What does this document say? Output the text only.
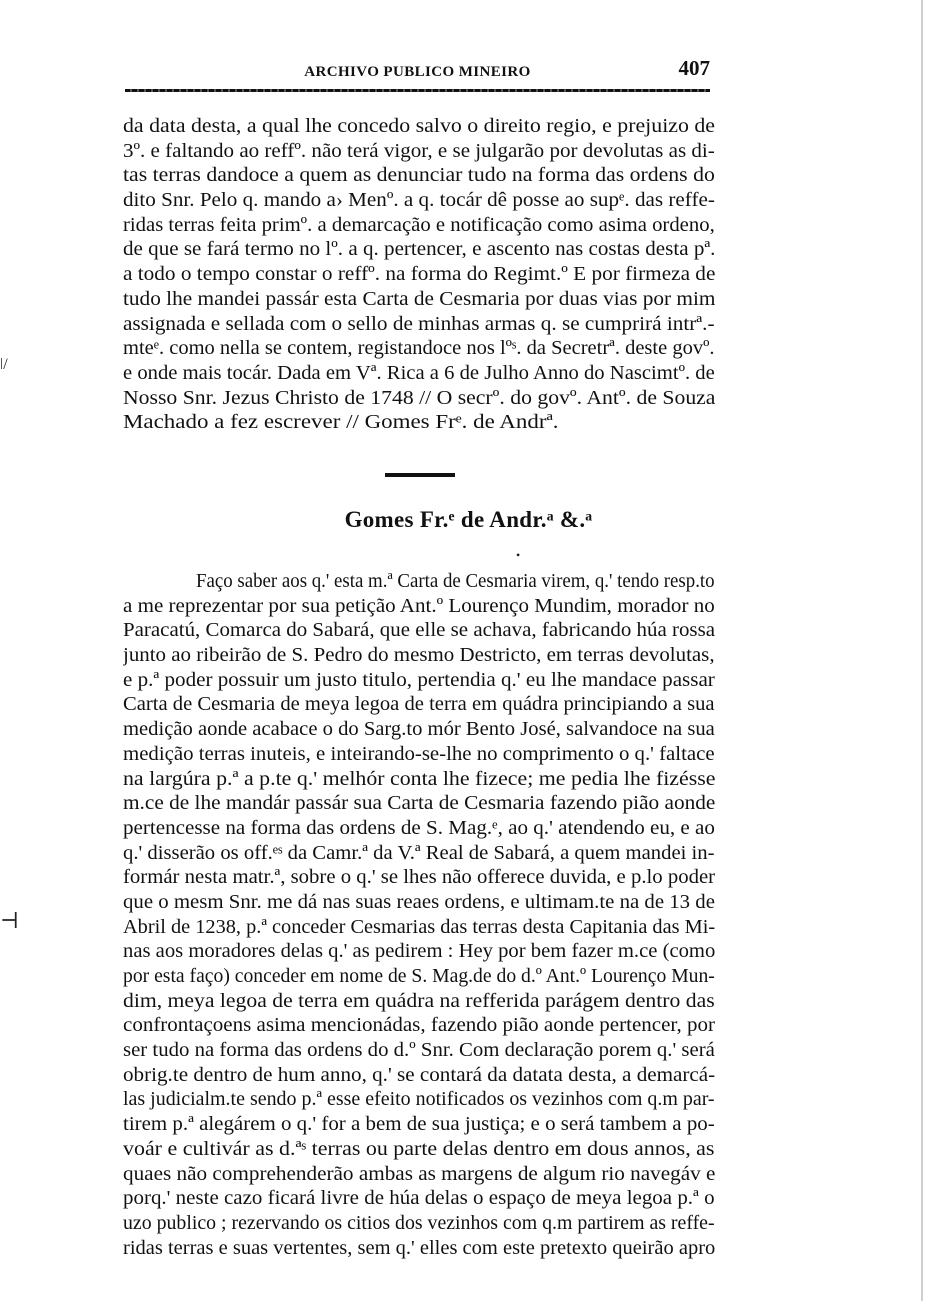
ARCHIVO PUBLICO MINEIRO	407

da data desta, a qual lhe concedo salvo o direito regio, e prejuizo de
3º. e faltando ao reffº. não terá vigor, e se julgarão por devolutas as di-
tas terras dandoce a quem as denunciar tudo na forma das ordens do
dito Snr. Pelo q. mando a› Menº. a q. tocár dê posse ao supᵉ. das reffe-
ridas terras feita primº. a demarcação e notificação como asima ordeno,
de que se fará termo no lº. a q. pertencer, e ascento nas costas desta pª.
a todo o tempo constar o reffº. na forma do Regimt.º E por firmeza de
tudo lhe mandei passár esta Carta de Cesmaria por duas vias por mim
assignada e sellada com o sello de minhas armas q. se cumprirá intrª.-
mteᵉ. como nella se contem, registandoce nos lºˢ. da Secretrª. deste govº.
e onde mais tocár. Dada em Vª. Rica a 6 de Julho Anno do Nascimtº. de
Nosso Snr. Jezus Christo de 1748 // O secrº. do govº. Antº. de Souza
Machado a fez escrever // Gomes Frᵉ. de Andrª.

Gomes Fr.ᵉ de Andr.ᵃ &.ᵃ
•
ǀ/
⊣

Faço saber aos q.' esta m.ª Carta de Cesmaria virem, q.' tendo resp.to
a me reprezentar por sua petição Ant.º Lourenço Mundim, morador no
Paracatú, Comarca do Sabará, que elle se achava, fabricando húa rossa
junto ao ribeirão de S. Pedro do mesmo Destricto, em terras devolutas,
e p.ª poder possuir um justo titulo, pertendia q.' eu lhe mandace passar
Carta de Cesmaria de meya legoa de terra em quádra principiando a sua
medição aonde acabace o do Sarg.to mór Bento José, salvandoce na sua
medição terras inuteis, e inteirando-se-lhe no comprimento o q.' faltace
na largúra p.ª a p.te q.' melhór conta lhe fizece; me pedia lhe fizésse
m.ce de lhe mandár passár sua Carta de Cesmaria fazendo pião aonde
pertencesse na forma das ordens de S. Mag.ᵉ, ao q.' atendendo eu, e ao
q.' disserão os off.ᵉˢ da Camr.ª da V.ª Real de Sabará, a quem mandei in-
formár nesta matr.ª, sobre o q.' se lhes não offerece duvida, e p.lo poder
que o mesm Snr. me dá nas suas reaes ordens, e ultimam.te na de 13 de
Abril de 1238, p.ª conceder Cesmarias das terras desta Capitania das Mi-
nas aos moradores delas q.' as pedirem : Hey por bem fazer m.ce (como
por esta faço) conceder em nome de S. Mag.de do d.º Ant.º Lourenço Mun-
dim, meya legoa de terra em quádra na refferida parágem dentro das
confrontaçoens asima mencionádas, fazendo pião aonde pertencer, por
ser tudo na forma das ordens do d.º Snr. Com declaração porem q.' será
obrig.te dentro de hum anno, q.' se contará da datata desta, a demarcá-
las judicialm.te sendo p.ª esse efeito notificados os vezinhos com q.m par-
tirem p.ª alegárem o q.' for a bem de sua justiça; e o será tambem a po-
voár e cultivár as d.ªˢ terras ou parte delas dentro em dous annos, as
quaes não comprehenderão ambas as margens de algum rio navegáv e
porq.' neste cazo ficará livre de húa delas o espaço de meya legoa p.ª o
uzo publico ; rezervando os citios dos vezinhos com q.m partirem as reffe-
ridas terras e suas vertentes, sem q.' elles com este pretexto queirão apro
